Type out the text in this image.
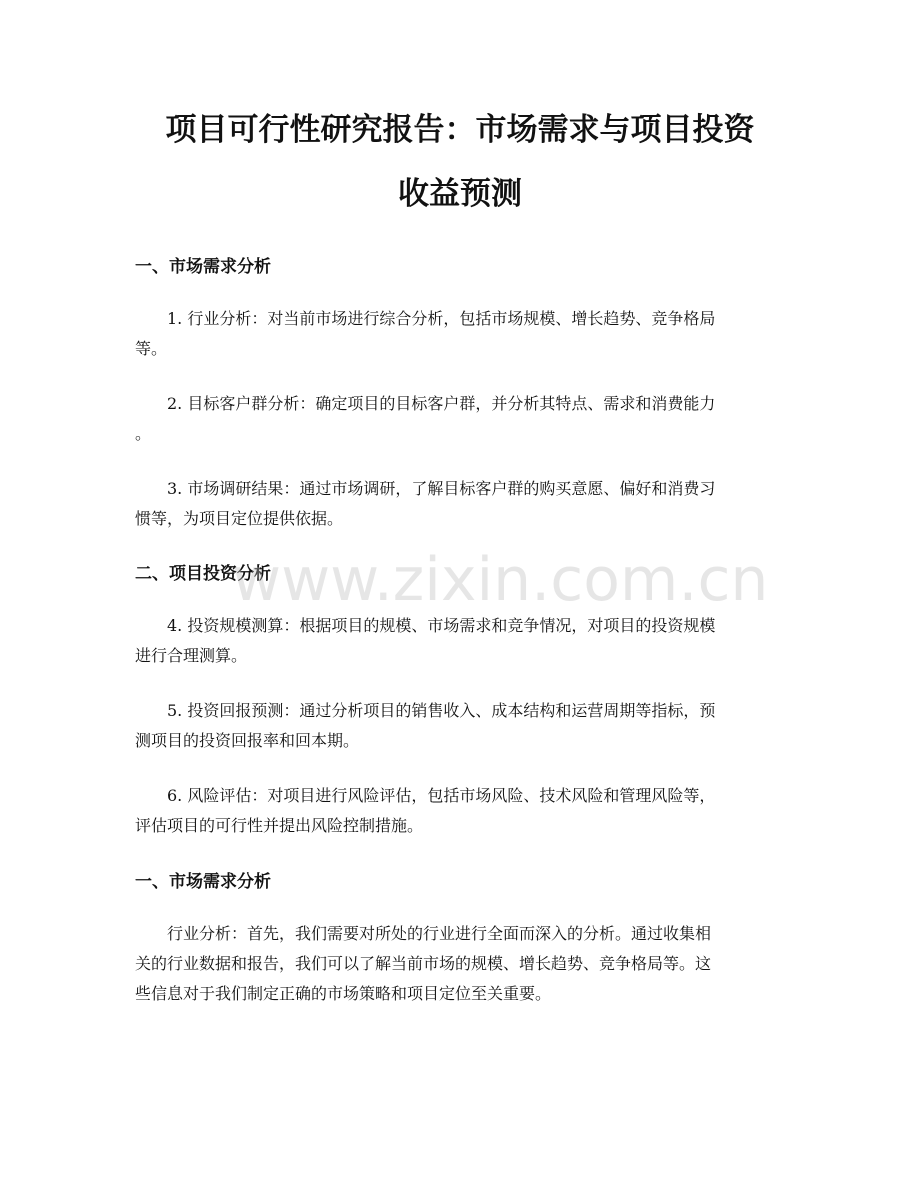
项目可行性研究报告：市场需求与项目投资
收益预测
一、市场需求分析

1. 行业分析：对当前市场进行综合分析，包括市场规模、增长趋势、竞争格局
等。

2. 目标客户群分析：确定项目的目标客户群，并分析其特点、需求和消费能力
。

3. 市场调研结果：通过市场调研，了解目标客户群的购买意愿、偏好和消费习
惯等，为项目定位提供依据。

二、项目投资分析

4. 投资规模测算：根据项目的规模、市场需求和竞争情况，对项目的投资规模
进行合理测算。

5. 投资回报预测：通过分析项目的销售收入、成本结构和运营周期等指标，预
测项目的投资回报率和回本期。

6. 风险评估：对项目进行风险评估，包括市场风险、技术风险和管理风险等，
评估项目的可行性并提出风险控制措施。

一、市场需求分析

行业分析：首先，我们需要对所处的行业进行全面而深入的分析。通过收集相
关的行业数据和报告，我们可以了解当前市场的规模、增长趋势、竞争格局等。这
些信息对于我们制定正确的市场策略和项目定位至关重要。

www.zixin.com.cn
